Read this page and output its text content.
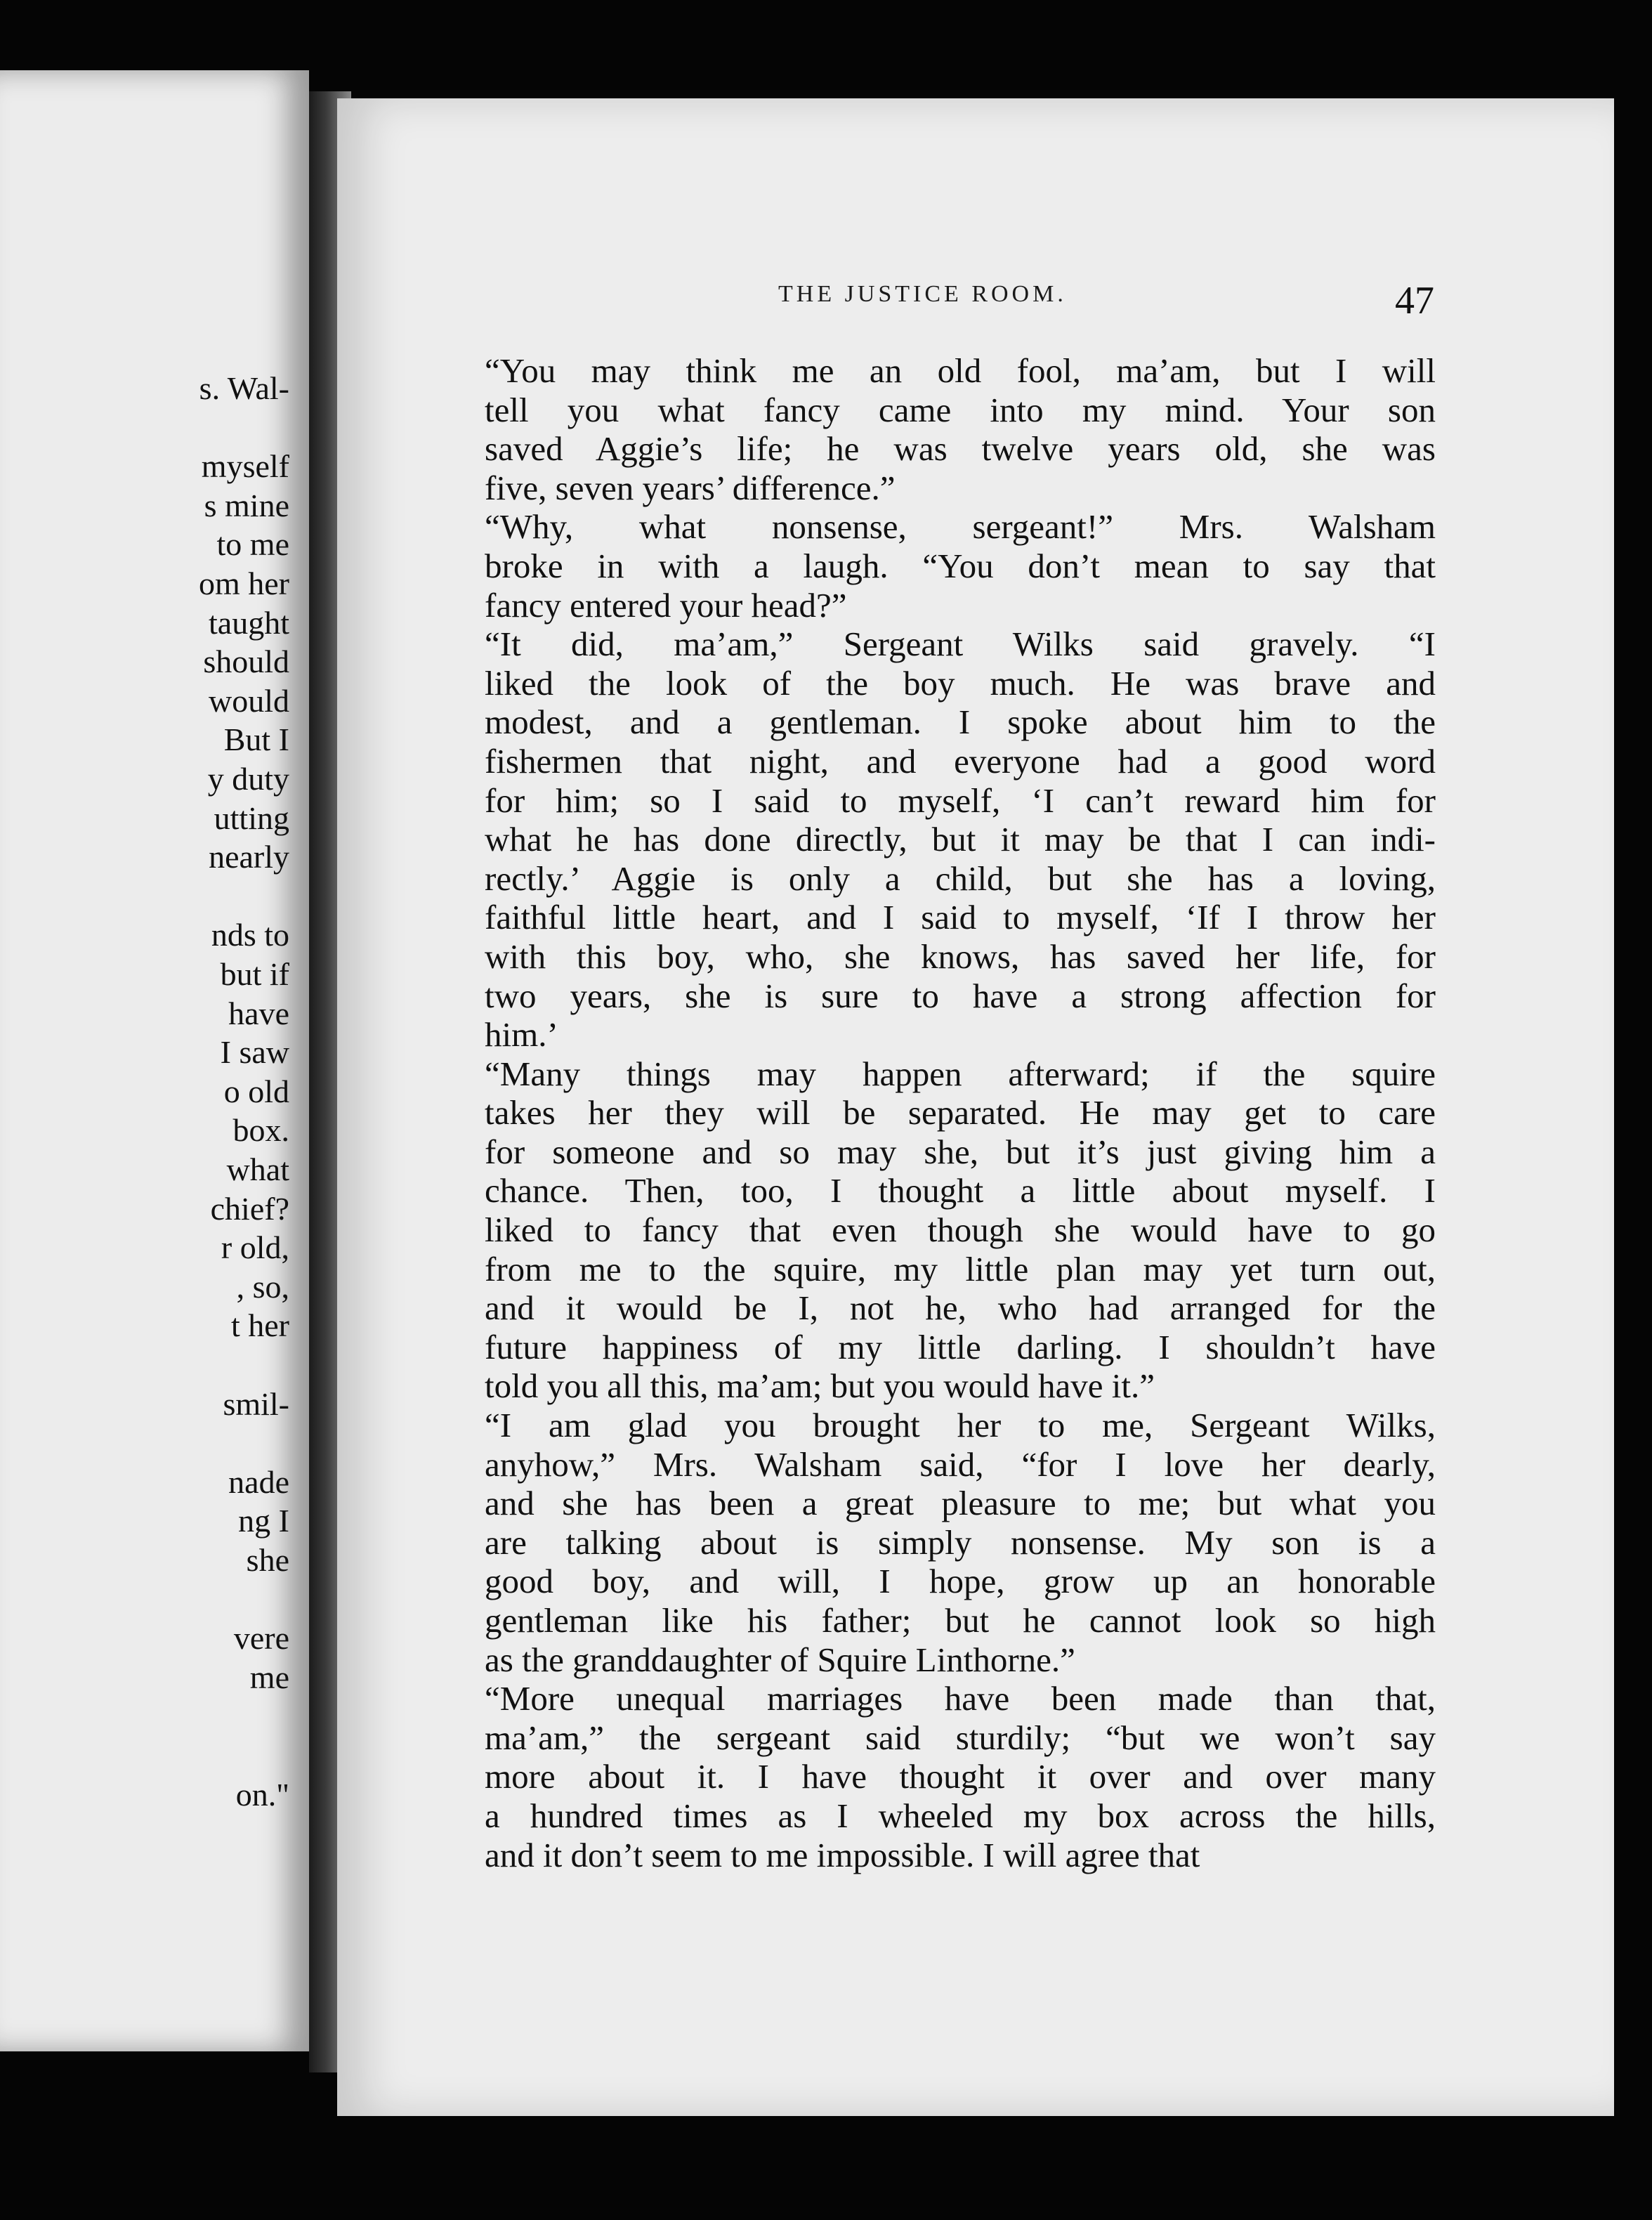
s. Wal-
myself
s mine
to me
om her
taught
should
would
But I
y duty
utting
nearly
nds to
but if
have
I saw
o old
box.
what
chief?
r old,
, so,
t her
smil-
nade
ng I
she
vere
me
on."
THE JUSTICE ROOM.	47

“You may think me an old fool, ma’am, but I will
tell you what fancy came into my mind. Your son
saved Aggie’s life; he was twelve years old, she was
five, seven years’ difference.”

“Why, what nonsense, sergeant!” Mrs. Walsham
broke in with a laugh. “You don’t mean to say that
fancy entered your head?”

“It did, ma’am,” Sergeant Wilks said gravely. “I
liked the look of the boy much. He was brave and
modest, and a gentleman. I spoke about him to the
fishermen that night, and everyone had a good word
for him; so I said to myself, ‘I can’t reward him for
what he has done directly, but it may be that I can indi-
rectly.’ Aggie is only a child, but she has a loving,
faithful little heart, and I said to myself, ‘If I throw her
with this boy, who, she knows, has saved her life, for
two years, she is sure to have a strong affection for
him.’

“Many things may happen afterward; if the squire
takes her they will be separated. He may get to care
for someone and so may she, but it’s just giving him a
chance. Then, too, I thought a little about myself. I
liked to fancy that even though she would have to go
from me to the squire, my little plan may yet turn out,
and it would be I, not he, who had arranged for the
future happiness of my little darling. I shouldn’t have
told you all this, ma’am; but you would have it.”

“I am glad you brought her to me, Sergeant Wilks,
anyhow,” Mrs. Walsham said, “for I love her dearly,
and she has been a great pleasure to me; but what you
are talking about is simply nonsense. My son is a
good boy, and will, I hope, grow up an honorable
gentleman like his father; but he cannot look so high
as the granddaughter of Squire Linthorne.”

“More unequal marriages have been made than that,
ma’am,” the sergeant said sturdily; “but we won’t say
more about it. I have thought it over and over many
a hundred times as I wheeled my box across the hills,
and it don’t seem to me impossible. I will agree that
